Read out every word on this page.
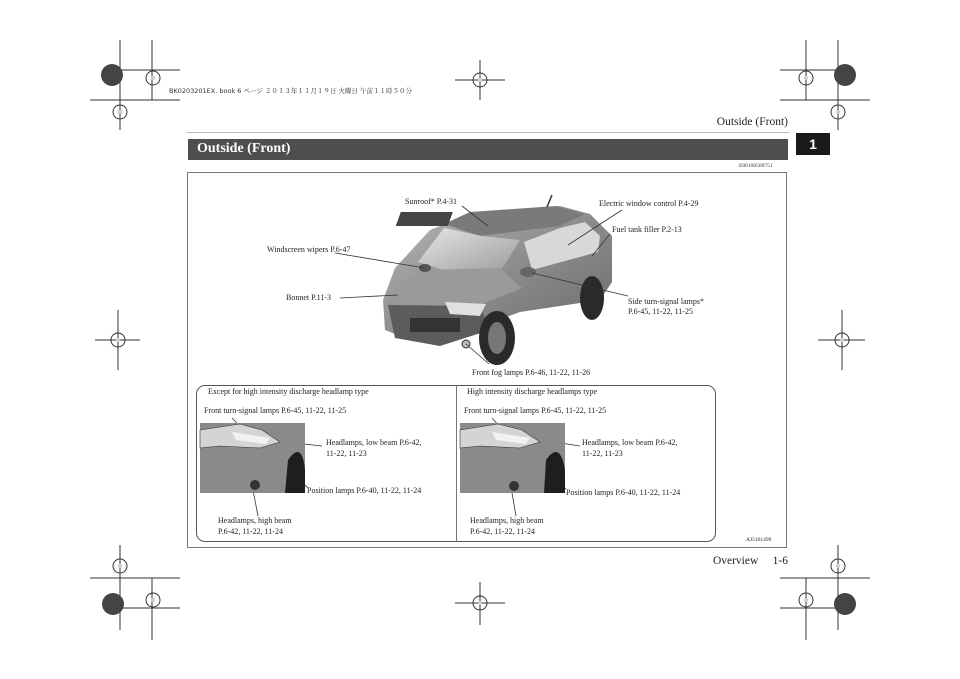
BK0203201EX. book 6 ページ ２０１３年１１月１９日 火曜日 午前１１時５０分
Outside (Front)
1
Outside (Front)
E00100500751
Sunroof* P.4-31	Electric window control P.4-29
Fuel tank filler P.2-13
Windscreen wipers P.6-47
Bonnet P.11-3	Side turn-signal lamps*
P.6-45, 11-22, 11-25
Front fog lamps P.6-46, 11-22, 11-26
Except for high intensity discharge headlamp type	High intensity discharge headlamps type
Front turn-signal lamps P.6-45, 11-22, 11-25
Headlamps, low beam P.6-42,
11-22, 11-23
Position lamps P.6-40, 11-22, 11-24
Headlamps, high beam
P.6-42, 11-22, 11-24
Front turn-signal lamps P.6-45, 11-22, 11-25
Headlamps, low beam P.6-42,
11-22, 11-23
Position lamps P.6-40, 11-22, 11-24
Headlamps, high beam
P.6-42, 11-22, 11-24
AJ5101499
Overview 1-6
